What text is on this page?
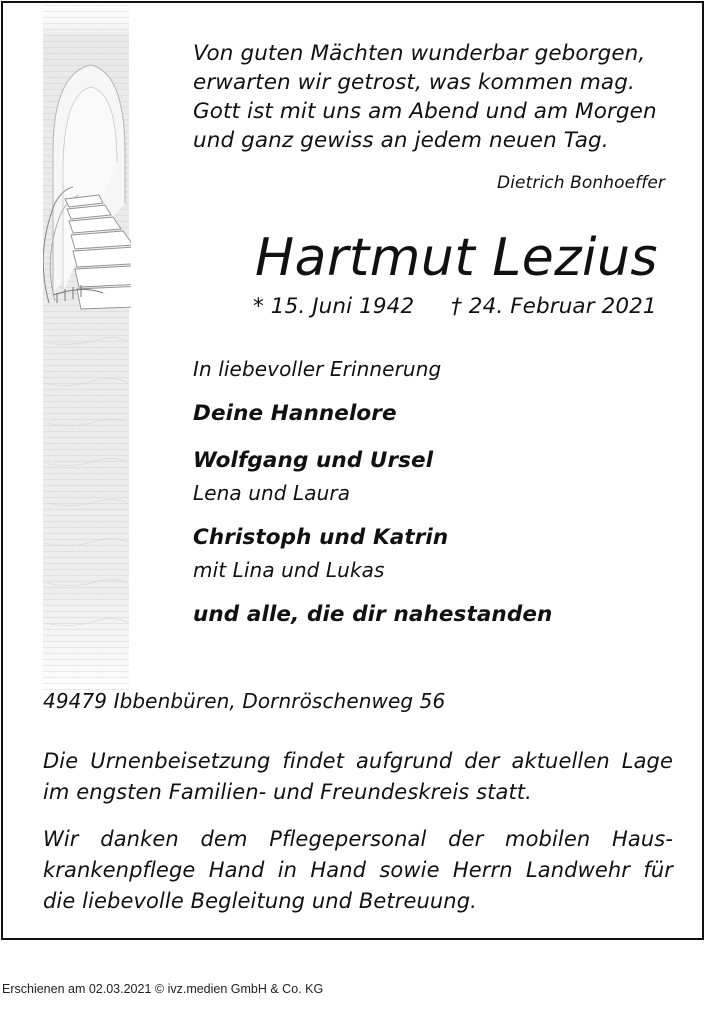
Von guten Mächten wunderbar geborgen,
erwarten wir getrost, was kommen mag.
Gott ist mit uns am Abend und am Morgen
und ganz gewiss an jedem neuen Tag.
Dietrich Bonhoeffer
Hartmut Lezius
* 15. Juni 1942 † 24. Februar 2021
In liebevoller Erinnerung
Deine Hannelore
Wolfgang und Ursel
Lena und Laura
Christoph und Katrin
mit Lina und Lukas
und alle, die dir nahestanden
49479 Ibbenbüren, Dornröschenweg 56
Die Urnenbeisetzung findet aufgrund der aktuellen Lage
im engsten Familien- und Freundeskreis statt.
Wir danken dem Pflegepersonal der mobilen Haus-
krankenpflege Hand in Hand sowie Herrn Landwehr für
die liebevolle Begleitung und Betreuung.
Erschienen am 02.03.2021 © ivz.medien GmbH & Co. KG
